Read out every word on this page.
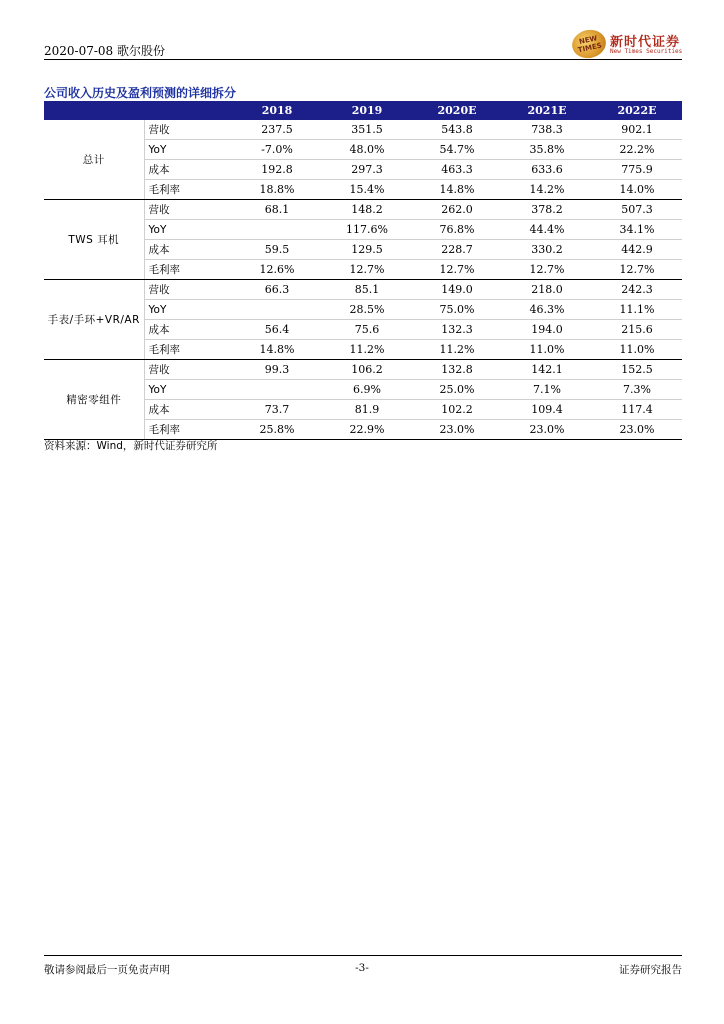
2020-07-08 歌尔股份
NEW TIMES 新时代证券
New Times Securities
公司收入历史及盈利预测的详细拆分
		2018	2019	2020E	2021E	2022E
总计	营收	237.5	351.5	543.8	738.3	902.1
	YoY	-7.0%	48.0%	54.7%	35.8%	22.2%
	成本	192.8	297.3	463.3	633.6	775.9
	毛利率	18.8%	15.4%	14.8%	14.2%	14.0%
TWS 耳机	营收	68.1	148.2	262.0	378.2	507.3
	YoY		117.6%	76.8%	44.4%	34.1%
	成本	59.5	129.5	228.7	330.2	442.9
	毛利率	12.6%	12.7%	12.7%	12.7%	12.7%
手表/手环+VR/AR	营收	66.3	85.1	149.0	218.0	242.3
	YoY		28.5%	75.0%	46.3%	11.1%
	成本	56.4	75.6	132.3	194.0	215.6
	毛利率	14.8%	11.2%	11.2%	11.0%	11.0%
精密零组件	营收	99.3	106.2	132.8	142.1	152.5
	YoY		6.9%	25.0%	7.1%	7.3%
	成本	73.7	81.9	102.2	109.4	117.4
	毛利率	25.8%	22.9%	23.0%	23.0%	23.0%
资料来源：Wind，新时代证券研究所
敬请参阅最后一页免责声明	-3-	证券研究报告
